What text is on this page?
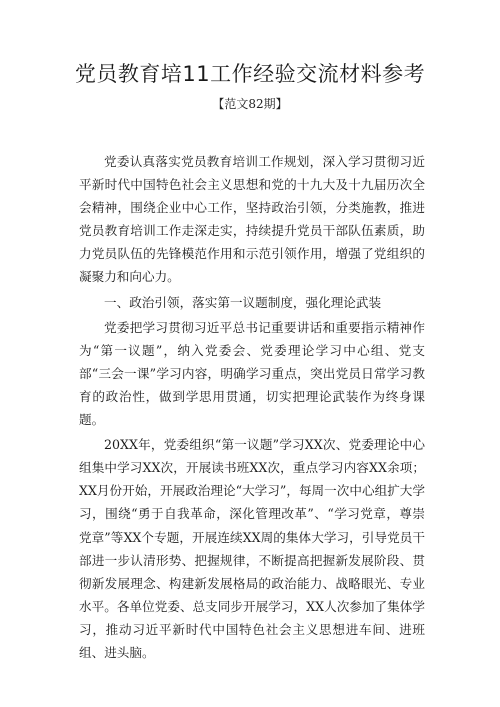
党员教育培11工作经验交流材料参考
【范文82期】

党委认真落实党员教育培训工作规划，深入学习贯彻习近平新时代中国特色社会主义思想和党的十九大及十九届历次全会精神，围绕企业中心工作，坚持政治引领，分类施教，推进党员教育培训工作走深走实，持续提升党员干部队伍素质，助力党员队伍的先锋模范作用和示范引领作用，增强了党组织的凝聚力和向心力。

一、政治引领，落实第一议题制度，强化理论武装

党委把学习贯彻习近平总书记重要讲话和重要指示精神作为“第一议题”，纳入党委会、党委理论学习中心组、党支部“三会一课”学习内容，明确学习重点，突出党员日常学习教育的政治性，做到学思用贯通，切实把理论武装作为终身课题。

20XX年，党委组织“第一议题”学习XX次、党委理论中心组集中学习XX次，开展读书班XX次，重点学习内容XX余项；XX月份开始，开展政治理论“大学习”，每周一次中心组扩大学习，围绕“勇于自我革命，深化管理改革”、“学习党章，尊崇党章”等XX个专题，开展连续XX周的集体大学习，引导党员干部进一步认清形势、把握规律，不断提高把握新发展阶段、贯彻新发展理念、构建新发展格局的政治能力、战略眼光、专业水平。各单位党委、总支同步开展学习，XX人次参加了集体学习，推动习近平新时代中国特色社会主义思想进车间、进班组、进头脑。
